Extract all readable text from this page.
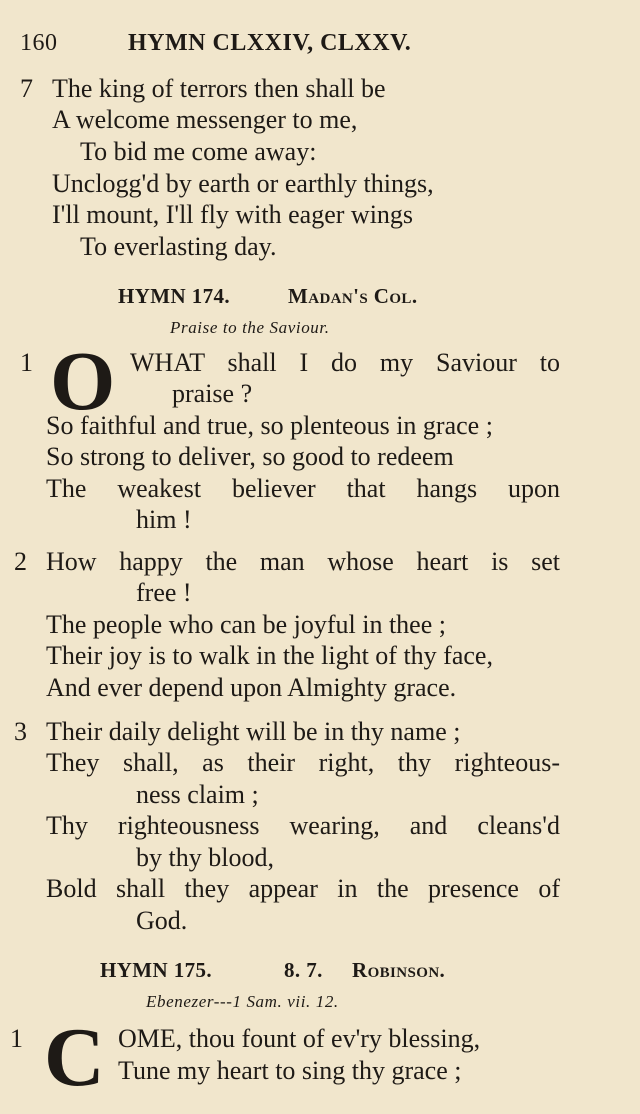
160	HYMN CLXXIV, CLXXV.
7 The king of terrors then shall be
A welcome messenger to me,
To bid me come away:
Unclogg'd by earth or earthly things,
I'll mount, I'll fly with eager wings
To everlasting day.
HYMN 174.	Madan's Col.
Praise to the Saviour.
1 O WHAT shall I do my Saviour to
praise ?
So faithful and true, so plenteous in grace ;
So strong to deliver, so good to redeem
The weakest believer that hangs upon
him !
2 How happy the man whose heart is set
free !
The people who can be joyful in thee ;
Their joy is to walk in the light of thy face,
And ever depend upon Almighty grace.
3 Their daily delight will be in thy name ;
They shall, as their right, thy righteous-
ness claim ;
Thy righteousness wearing, and cleans'd
by thy blood,
Bold shall they appear in the presence of
God.
HYMN 175.	8. 7. Robinson.
Ebenezer---1 Sam. vii. 12.
1 C OME, thou fount of ev'ry blessing,
Tune my heart to sing thy grace ;
